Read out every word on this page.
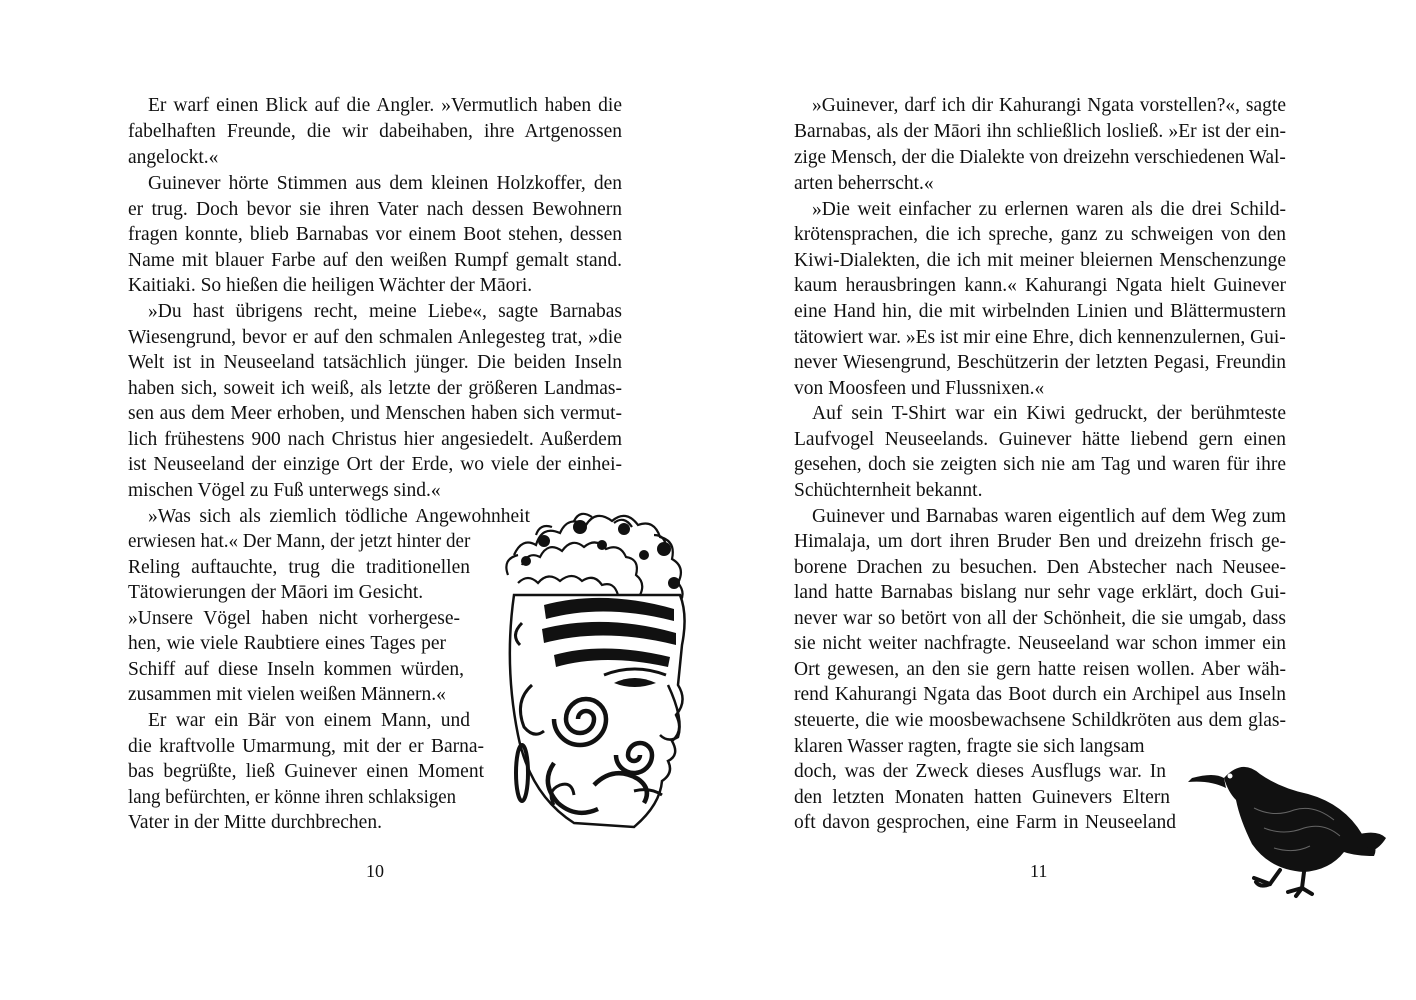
Er warf einen Blick auf die Angler. »Vermutlich haben die
fabelhaften Freunde, die wir dabeihaben, ihre Artgenossen
angelockt.«
Guinever hörte Stimmen aus dem kleinen Holzkoffer, den
er trug. Doch bevor sie ihren Vater nach dessen Bewohnern
fragen konnte, blieb Barnabas vor einem Boot stehen, dessen
Name mit blauer Farbe auf den weißen Rumpf gemalt stand.
Kaitiaki. So hießen die heiligen Wächter der Māori.
»Du hast übrigens recht, meine Liebe«, sagte Barnabas
Wiesengrund, bevor er auf den schmalen Anlegesteg trat, »die
Welt ist in Neuseeland tatsächlich jünger. Die beiden Inseln
haben sich, soweit ich weiß, als letzte der größeren Landmas-
sen aus dem Meer erhoben, und Menschen haben sich vermut-
lich frühestens 900 nach Christus hier angesiedelt. Außerdem
ist Neuseeland der einzige Ort der Erde, wo viele der einhei-
mischen Vögel zu Fuß unterwegs sind.«
»Was sich als ziemlich tödliche Angewohnheit
erwiesen hat.« Der Mann, der jetzt hinter der
Reling auftauchte, trug die traditionellen
Tätowierungen der Māori im Gesicht.
»Unsere Vögel haben nicht vorhergese-
hen, wie viele Raubtiere eines Tages per
Schiff auf diese Inseln kommen würden,
zusammen mit vielen weißen Männern.«
Er war ein Bär von einem Mann, und
die kraftvolle Umarmung, mit der er Barna-
bas begrüßte, ließ Guinever einen Moment
lang befürchten, er könne ihren schlaksigen
Vater in der Mitte durchbrechen.
10
»Guinever, darf ich dir Kahurangi Ngata vorstellen?«, sagte
Barnabas, als der Māori ihn schließlich losließ. »Er ist der ein-
zige Mensch, der die Dialekte von dreizehn verschiedenen Wal-
arten beherrscht.«
»Die weit einfacher zu erlernen waren als die drei Schild-
krötensprachen, die ich spreche, ganz zu schweigen von den
Kiwi-Dialekten, die ich mit meiner bleiernen Menschenzunge
kaum herausbringen kann.« Kahurangi Ngata hielt Guinever
eine Hand hin, die mit wirbelnden Linien und Blättermustern
tätowiert war. »Es ist mir eine Ehre, dich kennenzulernen, Gui-
never Wiesengrund, Beschützerin der letzten Pegasi, Freundin
von Moosfeen und Flussnixen.«
Auf sein T-Shirt war ein Kiwi gedruckt, der berühmteste
Laufvogel Neuseelands. Guinever hätte liebend gern einen
gesehen, doch sie zeigten sich nie am Tag und waren für ihre
Schüchternheit bekannt.
Guinever und Barnabas waren eigentlich auf dem Weg zum
Himalaja, um dort ihren Bruder Ben und dreizehn frisch ge-
borene Drachen zu besuchen. Den Abstecher nach Neusee-
land hatte Barnabas bislang nur sehr vage erklärt, doch Gui-
never war so betört von all der Schönheit, die sie umgab, dass
sie nicht weiter nachfragte. Neuseeland war schon immer ein
Ort gewesen, an den sie gern hatte reisen wollen. Aber wäh-
rend Kahurangi Ngata das Boot durch ein Archipel aus Inseln
steuerte, die wie moosbewachsene Schildkröten aus dem glas-
klaren Wasser ragten, fragte sie sich langsam
doch, was der Zweck dieses Ausflugs war. In
den letzten Monaten hatten Guinevers Eltern
oft davon gesprochen, eine Farm in Neuseeland
11
